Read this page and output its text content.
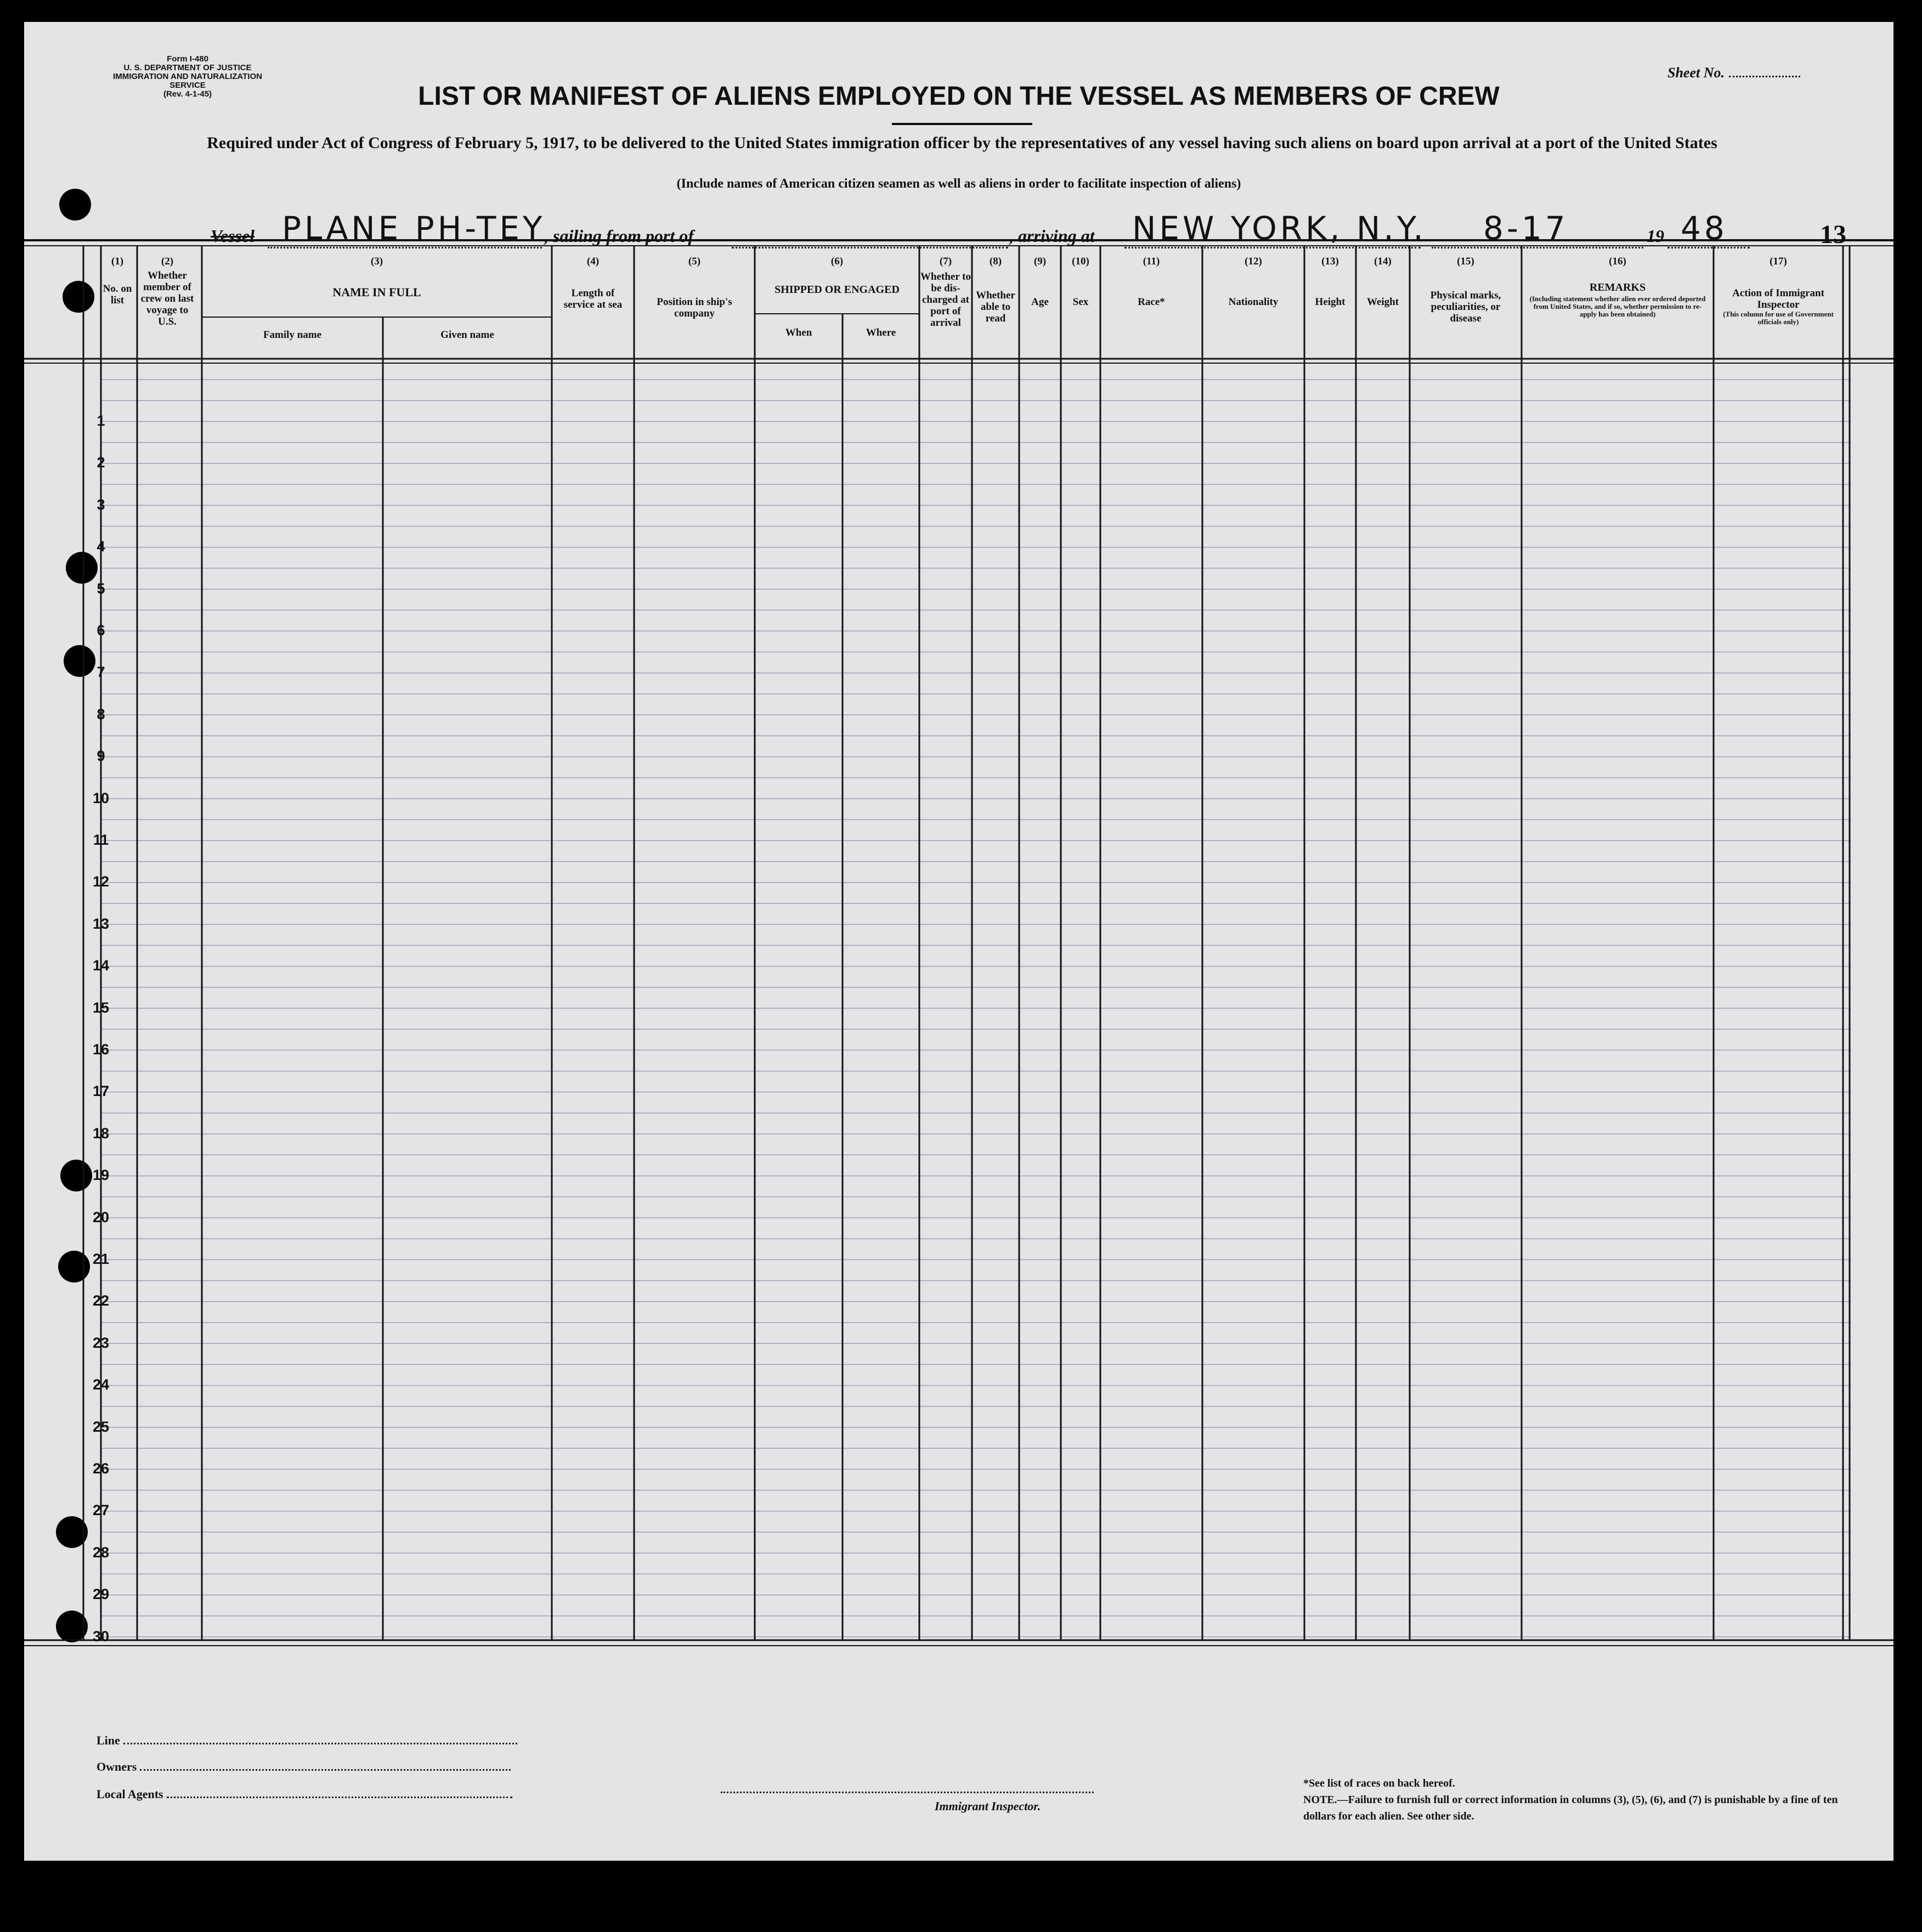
Form I-480
U. S. DEPARTMENT OF JUSTICE
IMMIGRATION AND NATURALIZATION SERVICE
(Rev. 4-1-45)
Sheet No.
LIST OR MANIFEST OF ALIENS EMPLOYED ON THE VESSEL AS MEMBERS OF CREW
Required under Act of Congress of February 5, 1917, to be delivered to the United States immigration officer by the representatives of any vessel having such aliens on board upon arrival at a port of the United States
(Include names of American citizen seamen as well as aliens in order to facilitate inspection of aliens)
Vessel PLANE PH-TEY
, sailing from port of	, arriving at NEW YORK, N.Y. 8-17	19 48	13
(1)
No. on list
(2)
Whether member of crew on last voyage to U.S.
(3)
NAME IN FULL
Family name	Given name
(4)
Length of service at sea
(5)
Position in ship's company
(6)
SHIPPED OR ENGAGED
When	Where
(7)
Whether to be dis-charged at port of arrival
(8)
Whether able to read
(9)
Age
(10)
Sex
(11)
Race*
(12)
Nationality
(13)
Height
(14)
Weight
(15)
Physical marks, peculiarities, or disease
(16)
REMARKS
(Including statement whether alien ever ordered deported from United States, and if so, whether permission to re-apply has been obtained)
(17)
Action of Immigrant Inspector
(This column for use of Government officials only)
1
2
3
4
5
6
7
8
9
10
11
12
13
14
15
16
17
18
19
20
21
22
23
24
25
26
27
28
29
30
Line
Owners
Local Agents
Immigrant Inspector.
*See list of races on back hereof.
NOTE.—Failure to furnish full or correct information in columns (3), (5), (6), and (7) is punishable by a fine of ten dollars for each alien. See other side.
